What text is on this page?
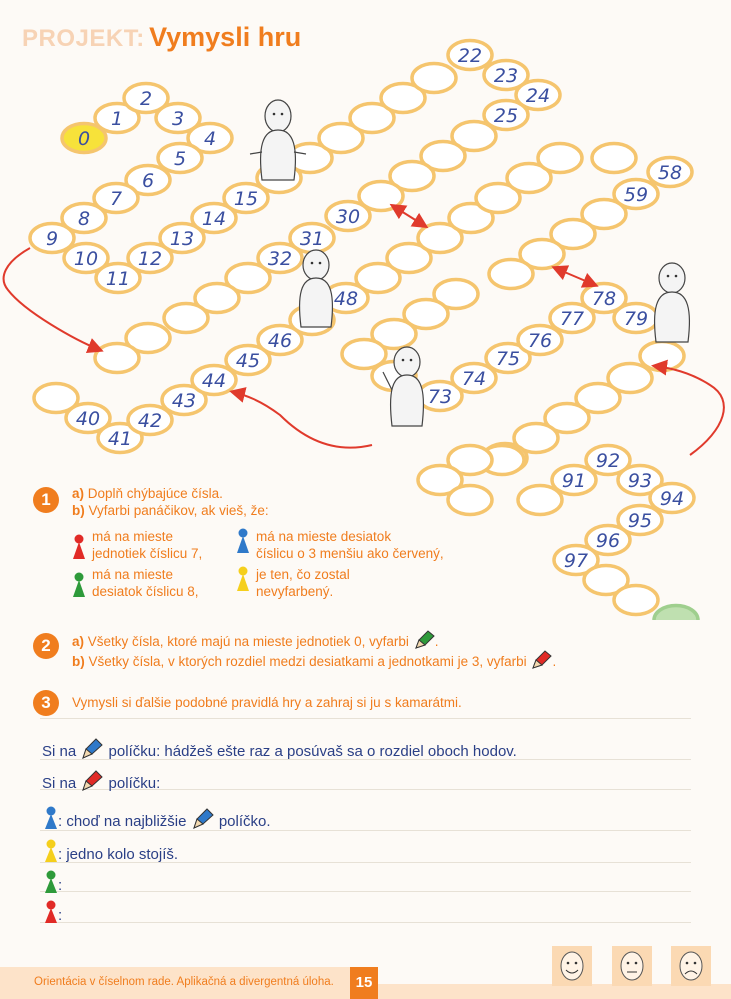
PROJEKT: Vymysli hru
0
1
2
3
4
5
6
7
8
9
10
11
12
13
14
15
22
23
24
25
30
31
32
40
41
42
43
44
45
46
48
58
59
73
74
75
76
77
78
79
91
92
93
94
95
96
97
1	a) Doplň chýbajúce čísla.
b) Vyfarbi panáčikov, ak vieš, že:
má na mieste
jednotiek číslicu 7,
má na mieste desiatok
číslicu o 3 menšiu ako červený,
má na mieste
desiatok číslicu 8,
je ten, čo zostal
nevyfarbený.
2	a) Všetky čísla, ktoré majú na mieste jednotiek 0, vyfarbi .
b) Všetky čísla, v ktorých rozdiel medzi desiatkami a jednotkami je 3, vyfarbi .
3	Vymysli si ďalšie podobné pravidlá hry a zahraj si ju s kamarátmi.
Si na políčku: hádžeš ešte raz a posúvaš sa o rozdiel oboch hodov.
Si na políčku:
: choď na najbližšie políčko.
: jedno kolo stojíš.
:
:
Orientácia v číselnom rade. Aplikačná a divergentná úloha.	15
